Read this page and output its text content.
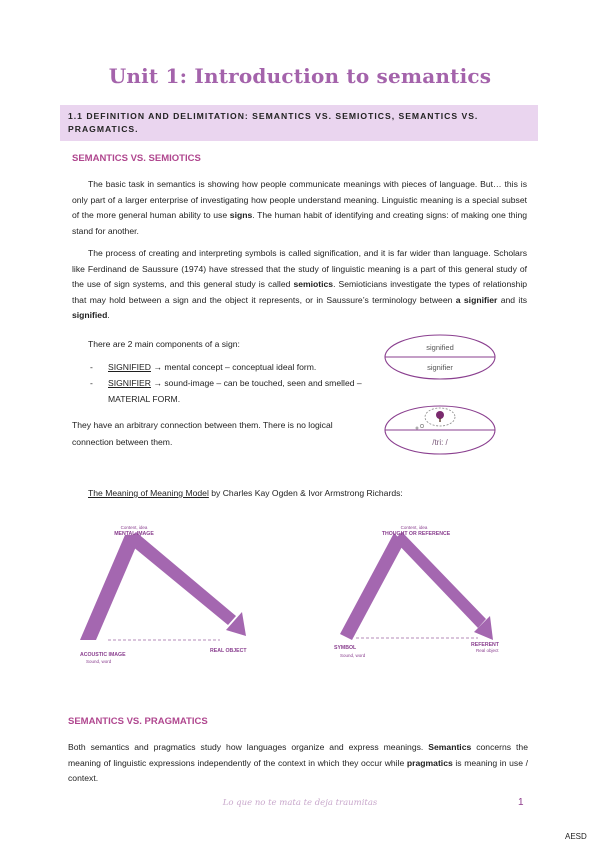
Unit 1: Introduction to semantics
1.1 DEFINITION AND DELIMITATION: SEMANTICS VS. SEMIOTICS, SEMANTICS VS.
PRAGMATICS.
SEMANTICS VS. SEMIOTICS
The basic task in semantics is showing how people communicate meanings with pieces of language. But… this is only part of a larger enterprise of investigating how people understand meaning. Linguistic meaning is a special subset of the more general human ability to use signs. The human habit of identifying and creating signs: of making one thing stand for another.
The process of creating and interpreting symbols is called signification, and it is far wider than language. Scholars like Ferdinand de Saussure (1974) have stressed that the study of linguistic meaning is a part of this general study of the use of sign systems, and this general study is called semiotics. Semioticians investigate the types of relationship that may hold between a sign and the object it represents, or in Saussure’s terminology between a signifier and its signified.
There are 2 main components of a sign:
- SIGNIFIED → mental concept – conceptual ideal form.
- SIGNIFIER → sound-image – can be touched, seen and smelled – MATERIAL FORM.
They have an arbitrary connection between them. There is no logical connection between them.
signified
signifier
/tri: /
The Meaning of Meaning Model by Charles Kay Ogden & Ivor Armstrong Richards:
Content, idea
MENTAL IMAGE
ACOUSTIC IMAGE
Sound, word
REAL OBJECT
Content, idea
THOUGHT OR REFERENCE
SYMBOL
Sound, word
REFERENT
Real object
SEMANTICS VS. PRAGMATICS
Both semantics and pragmatics study how languages organize and express meanings. Semantics concerns the meaning of linguistic expressions independently of the context in which they occur while pragmatics is meaning in use / context.
Lo que no te mata te deja traumitas	1
AESD
